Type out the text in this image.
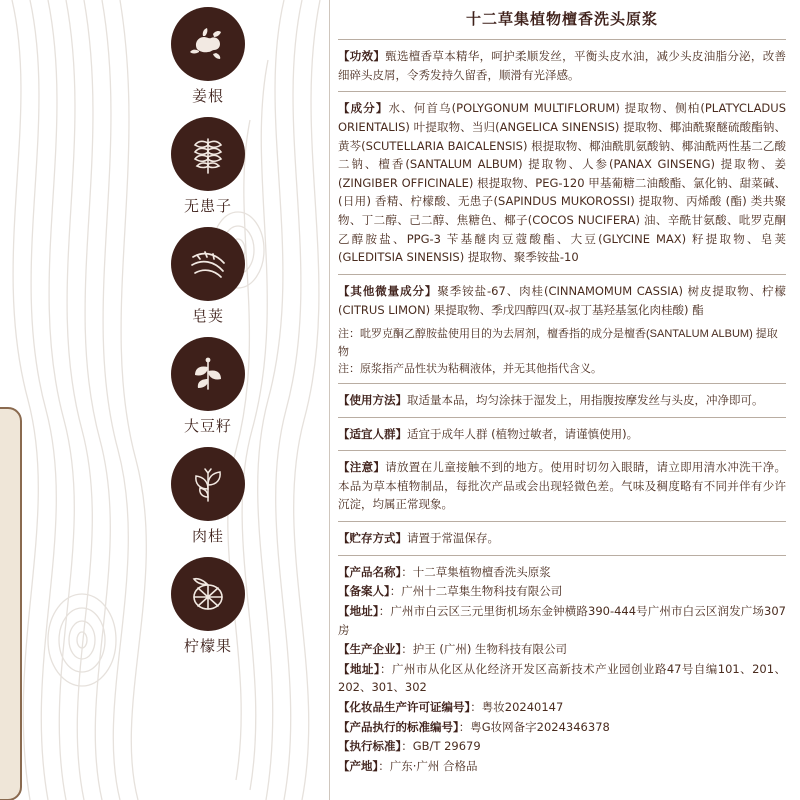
姜根
无患子
皂荚
大豆籽
肉桂
柠檬果
十二草集植物檀香洗头原浆

【功效】甄选檀香草本精华，呵护柔顺发丝，平衡头皮水油，减少头皮油脂分泌，改善细碎头皮屑，令秀发持久留香，顺滑有光泽感。

【成分】水、何首乌(POLYGONUM MULTIFLORUM) 提取物、侧柏(PLATYCLADUS ORIENTALIS) 叶提取物、当归(ANGELICA SINENSIS) 提取物、椰油酰聚醚硫酸酯钠、黄芩(SCUTELLARIA BAICALENSIS) 根提取物、椰油酰肌氨酸钠、椰油酰两性基二乙酸二钠、檀香(SANTALUM ALBUM) 提取物、人参(PANAX GINSENG) 提取物、姜(ZINGIBER OFFICINALE) 根提取物、PEG-120 甲基葡糖二油酸酯、氯化钠、甜菜碱、(日用) 香精、柠檬酸、无患子(SAPINDUS MUKOROSSI) 提取物、丙烯酸 (酯) 类共聚物、丁二醇、己二醇、焦糖色、椰子(COCOS NUCIFERA) 油、辛酰甘氨酸、吡罗克酮乙醇胺盐、PPG-3 苄基醚肉豆蔻酸酯、大豆(GLYCINE MAX) 籽提取物、皂荚(GLEDITSIA SINENSIS) 提取物、聚季铵盐-10

【其他微量成分】聚季铵盐-67、肉桂(CINNAMOMUM CASSIA) 树皮提取物、柠檬(CITRUS LIMON) 果提取物、季戊四醇四(双-叔丁基羟基氢化肉桂酸) 酯

注：吡罗克酮乙醇胺盐使用目的为去屑剂，檀香指的成分是檀香(SANTALUM ALBUM) 提取物

注：原浆指产品性状为粘稠液体，并无其他指代含义。

【使用方法】取适量本品，均匀涂抹于湿发上，用指腹按摩发丝与头皮，冲净即可。

【适宜人群】适宜于成年人群 (植物过敏者，请谨慎使用)。

【注意】请放置在儿童接触不到的地方。使用时切勿入眼睛，请立即用清水冲洗干净。本品为草本植物制品，每批次产品或会出现轻微色差。气味及稠度略有不同并伴有少许沉淀，均属正常现象。

【贮存方式】请置于常温保存。

【产品名称】：十二草集植物檀香洗头原浆
【备案人】：广州十二草集生物科技有限公司
【地址】：广州市白云区三元里街机场东金钟横路390-444号广州市白云区润发广场307房
【生产企业】：护王 (广州) 生物科技有限公司
【地址】：广州市从化区从化经济开发区高新技术产业园创业路47号自编101、201、202、301、302
【化妆品生产许可证编号】：粤妆20240147
【产品执行的标准编号】：粤G妆网备字2024346378
【执行标准】：GB/T 29679
【产地】：广东·广州 合格品
